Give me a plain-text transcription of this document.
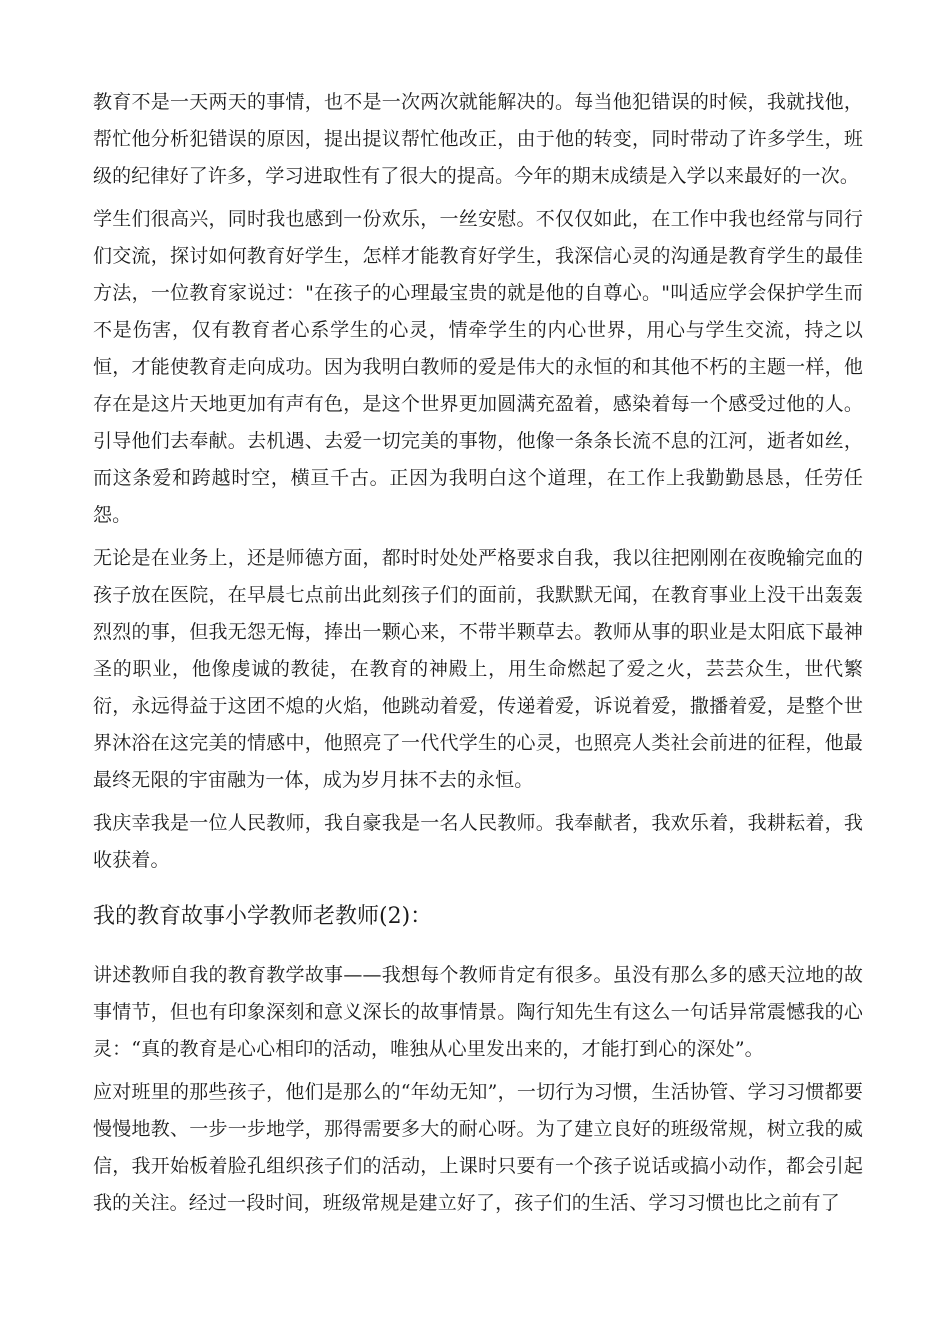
教育不是一天两天的事情，也不是一次两次就能解决的。每当他犯错误的时候，我就找他，帮忙他分析犯错误的原因，提出提议帮忙他改正，由于他的转变，同时带动了许多学生，班级的纪律好了许多，学习进取性有了很大的提高。今年的期末成绩是入学以来最好的一次。

学生们很高兴，同时我也感到一份欢乐，一丝安慰。不仅仅如此，在工作中我也经常与同行们交流，探讨如何教育好学生，怎样才能教育好学生，我深信心灵的沟通是教育学生的最佳方法，一位教育家说过："在孩子的心理最宝贵的就是他的自尊心。"叫适应学会保护学生而不是伤害，仅有教育者心系学生的心灵，情牵学生的内心世界，用心与学生交流，持之以恒，才能使教育走向成功。因为我明白教师的爱是伟大的永恒的和其他不朽的主题一样，他存在是这片天地更加有声有色，是这个世界更加圆满充盈着，感染着每一个感受过他的人。引导他们去奉献。去机遇、去爱一切完美的事物，他像一条条长流不息的江河，逝者如丝，而这条爱和跨越时空，横亘千古。正因为我明白这个道理，在工作上我勤勤恳恳，任劳任怨。

无论是在业务上，还是师德方面，都时时处处严格要求自我，我以往把刚刚在夜晚输完血的孩子放在医院，在早晨七点前出此刻孩子们的面前，我默默无闻，在教育事业上没干出轰轰烈烈的事，但我无怨无悔，捧出一颗心来，不带半颗草去。教师从事的职业是太阳底下最神圣的职业，他像虔诚的教徒，在教育的神殿上，用生命燃起了爱之火，芸芸众生，世代繁衍，永远得益于这团不熄的火焰，他跳动着爱，传递着爱，诉说着爱，撒播着爱，是整个世界沐浴在这完美的情感中，他照亮了一代代学生的心灵，也照亮人类社会前进的征程，他最最终无限的宇宙融为一体，成为岁月抹不去的永恒。

我庆幸我是一位人民教师，我自豪我是一名人民教师。我奉献者，我欢乐着，我耕耘着，我收获着。

我的教育故事小学教师老教师(2)：

讲述教师自我的教育教学故事——我想每个教师肯定有很多。虽没有那么多的感天泣地的故事情节，但也有印象深刻和意义深长的故事情景。陶行知先生有这么一句话异常震憾我的心灵：“真的教育是心心相印的活动，唯独从心里发出来的，才能打到心的深处”。

应对班里的那些孩子，他们是那么的“年幼无知”，一切行为习惯，生活协管、学习习惯都要慢慢地教、一步一步地学，那得需要多大的耐心呀。为了建立良好的班级常规，树立我的威信，我开始板着脸孔组织孩子们的活动，上课时只要有一个孩子说话或搞小动作，都会引起我的关注。经过一段时间，班级常规是建立好了，孩子们的生活、学习习惯也比之前有了
